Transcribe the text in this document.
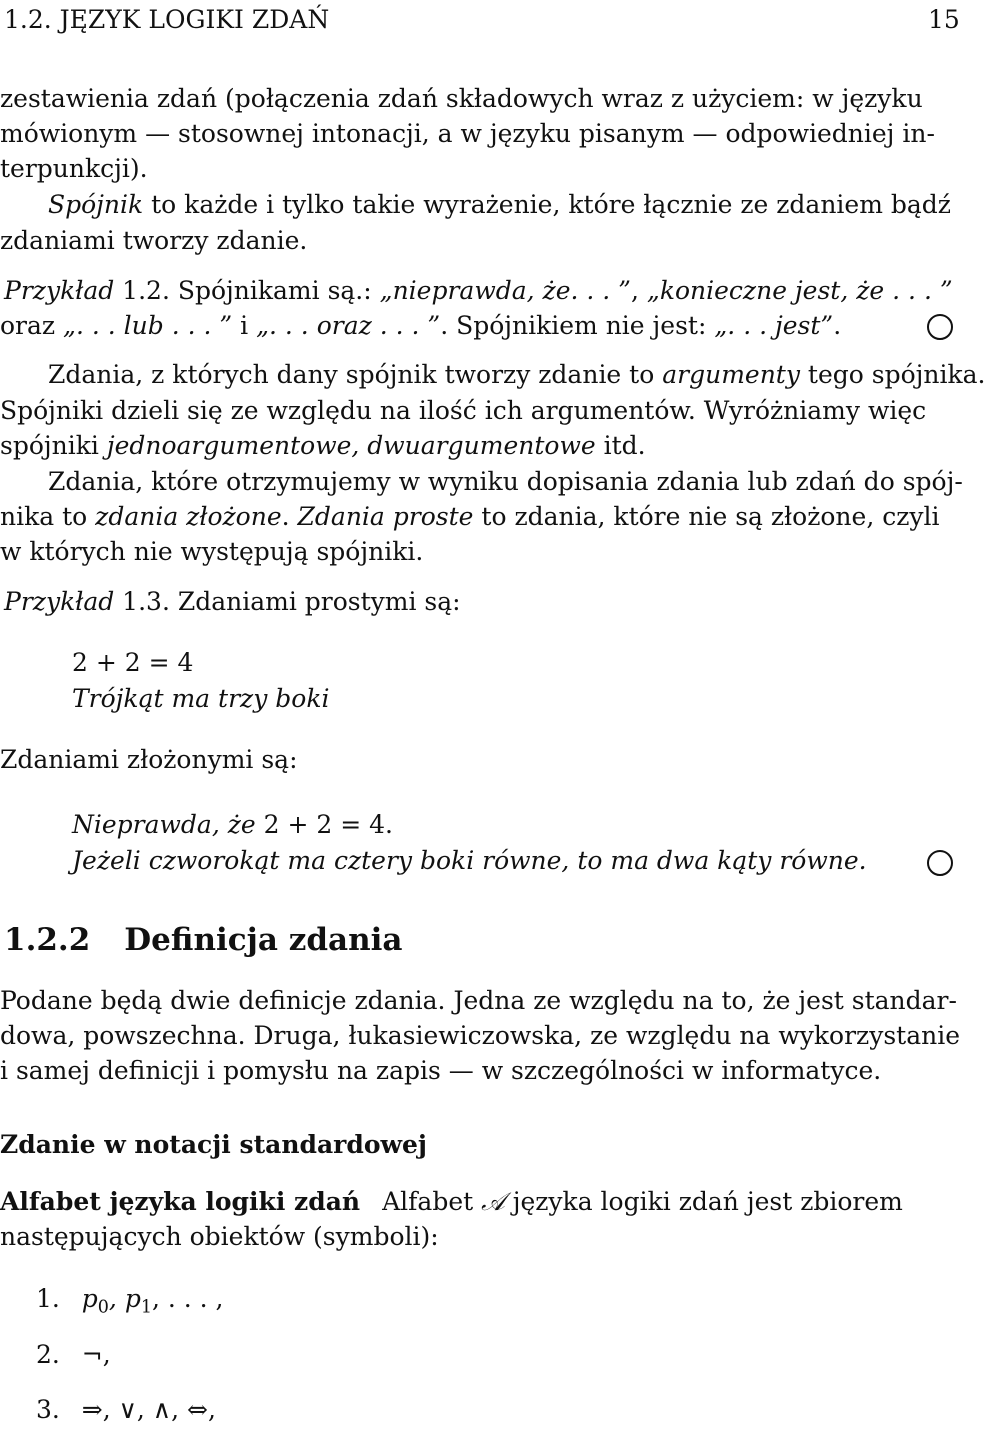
1.2. JĘZYK LOGIKI ZDAŃ	15
zestawienia zdań (połączenia zdań składowych wraz z użyciem: w języku
mówionym — stosownej intonacji, a w języku pisanym — odpowiedniej in-
terpunkcji).
Spójnik to każde i tylko takie wyrażenie, które łącznie ze zdaniem bądź
zdaniami tworzy zdanie.
Przykład 1.2. Spójnikami są.: „nieprawda, że. . . ”, „konieczne jest, że . . . ”
oraz „. . . lub . . . ” i „. . . oraz . . . ”. Spójnikiem nie jest: „. . . jest”.
Zdania, z których dany spójnik tworzy zdanie to argumenty tego spójnika.
Spójniki dzieli się ze względu na ilość ich argumentów. Wyróżniamy więc
spójniki jednoargumentowe, dwuargumentowe itd.
Zdania, które otrzymujemy w wyniku dopisania zdania lub zdań do spój-
nika to zdania złożone. Zdania proste to zdania, które nie są złożone, czyli
w których nie występują spójniki.
Przykład 1.3. Zdaniami prostymi są:
2 + 2 = 4
Trójkąt ma trzy boki
Zdaniami złożonymi są:
Nieprawda, że 2 + 2 = 4.
Jeżeli czworokąt ma cztery boki równe, to ma dwa kąty równe.
1.2.2 Definicja zdania
Podane będą dwie definicje zdania. Jedna ze względu na to, że jest standar-
dowa, powszechna. Druga, łukasiewiczowska, ze względu na wykorzystanie
i samej definicji i pomysłu na zapis — w szczególności w informatyce.
Zdanie w notacji standardowej
Alfabet języka logiki zdań Alfabet 𝒜 języka logiki zdań jest zbiorem
następujących obiektów (symboli):
1. $p_0$, $p_1$, . . . ,
2. ¬,
3. ⇒, ∨, ∧, ⇔,
